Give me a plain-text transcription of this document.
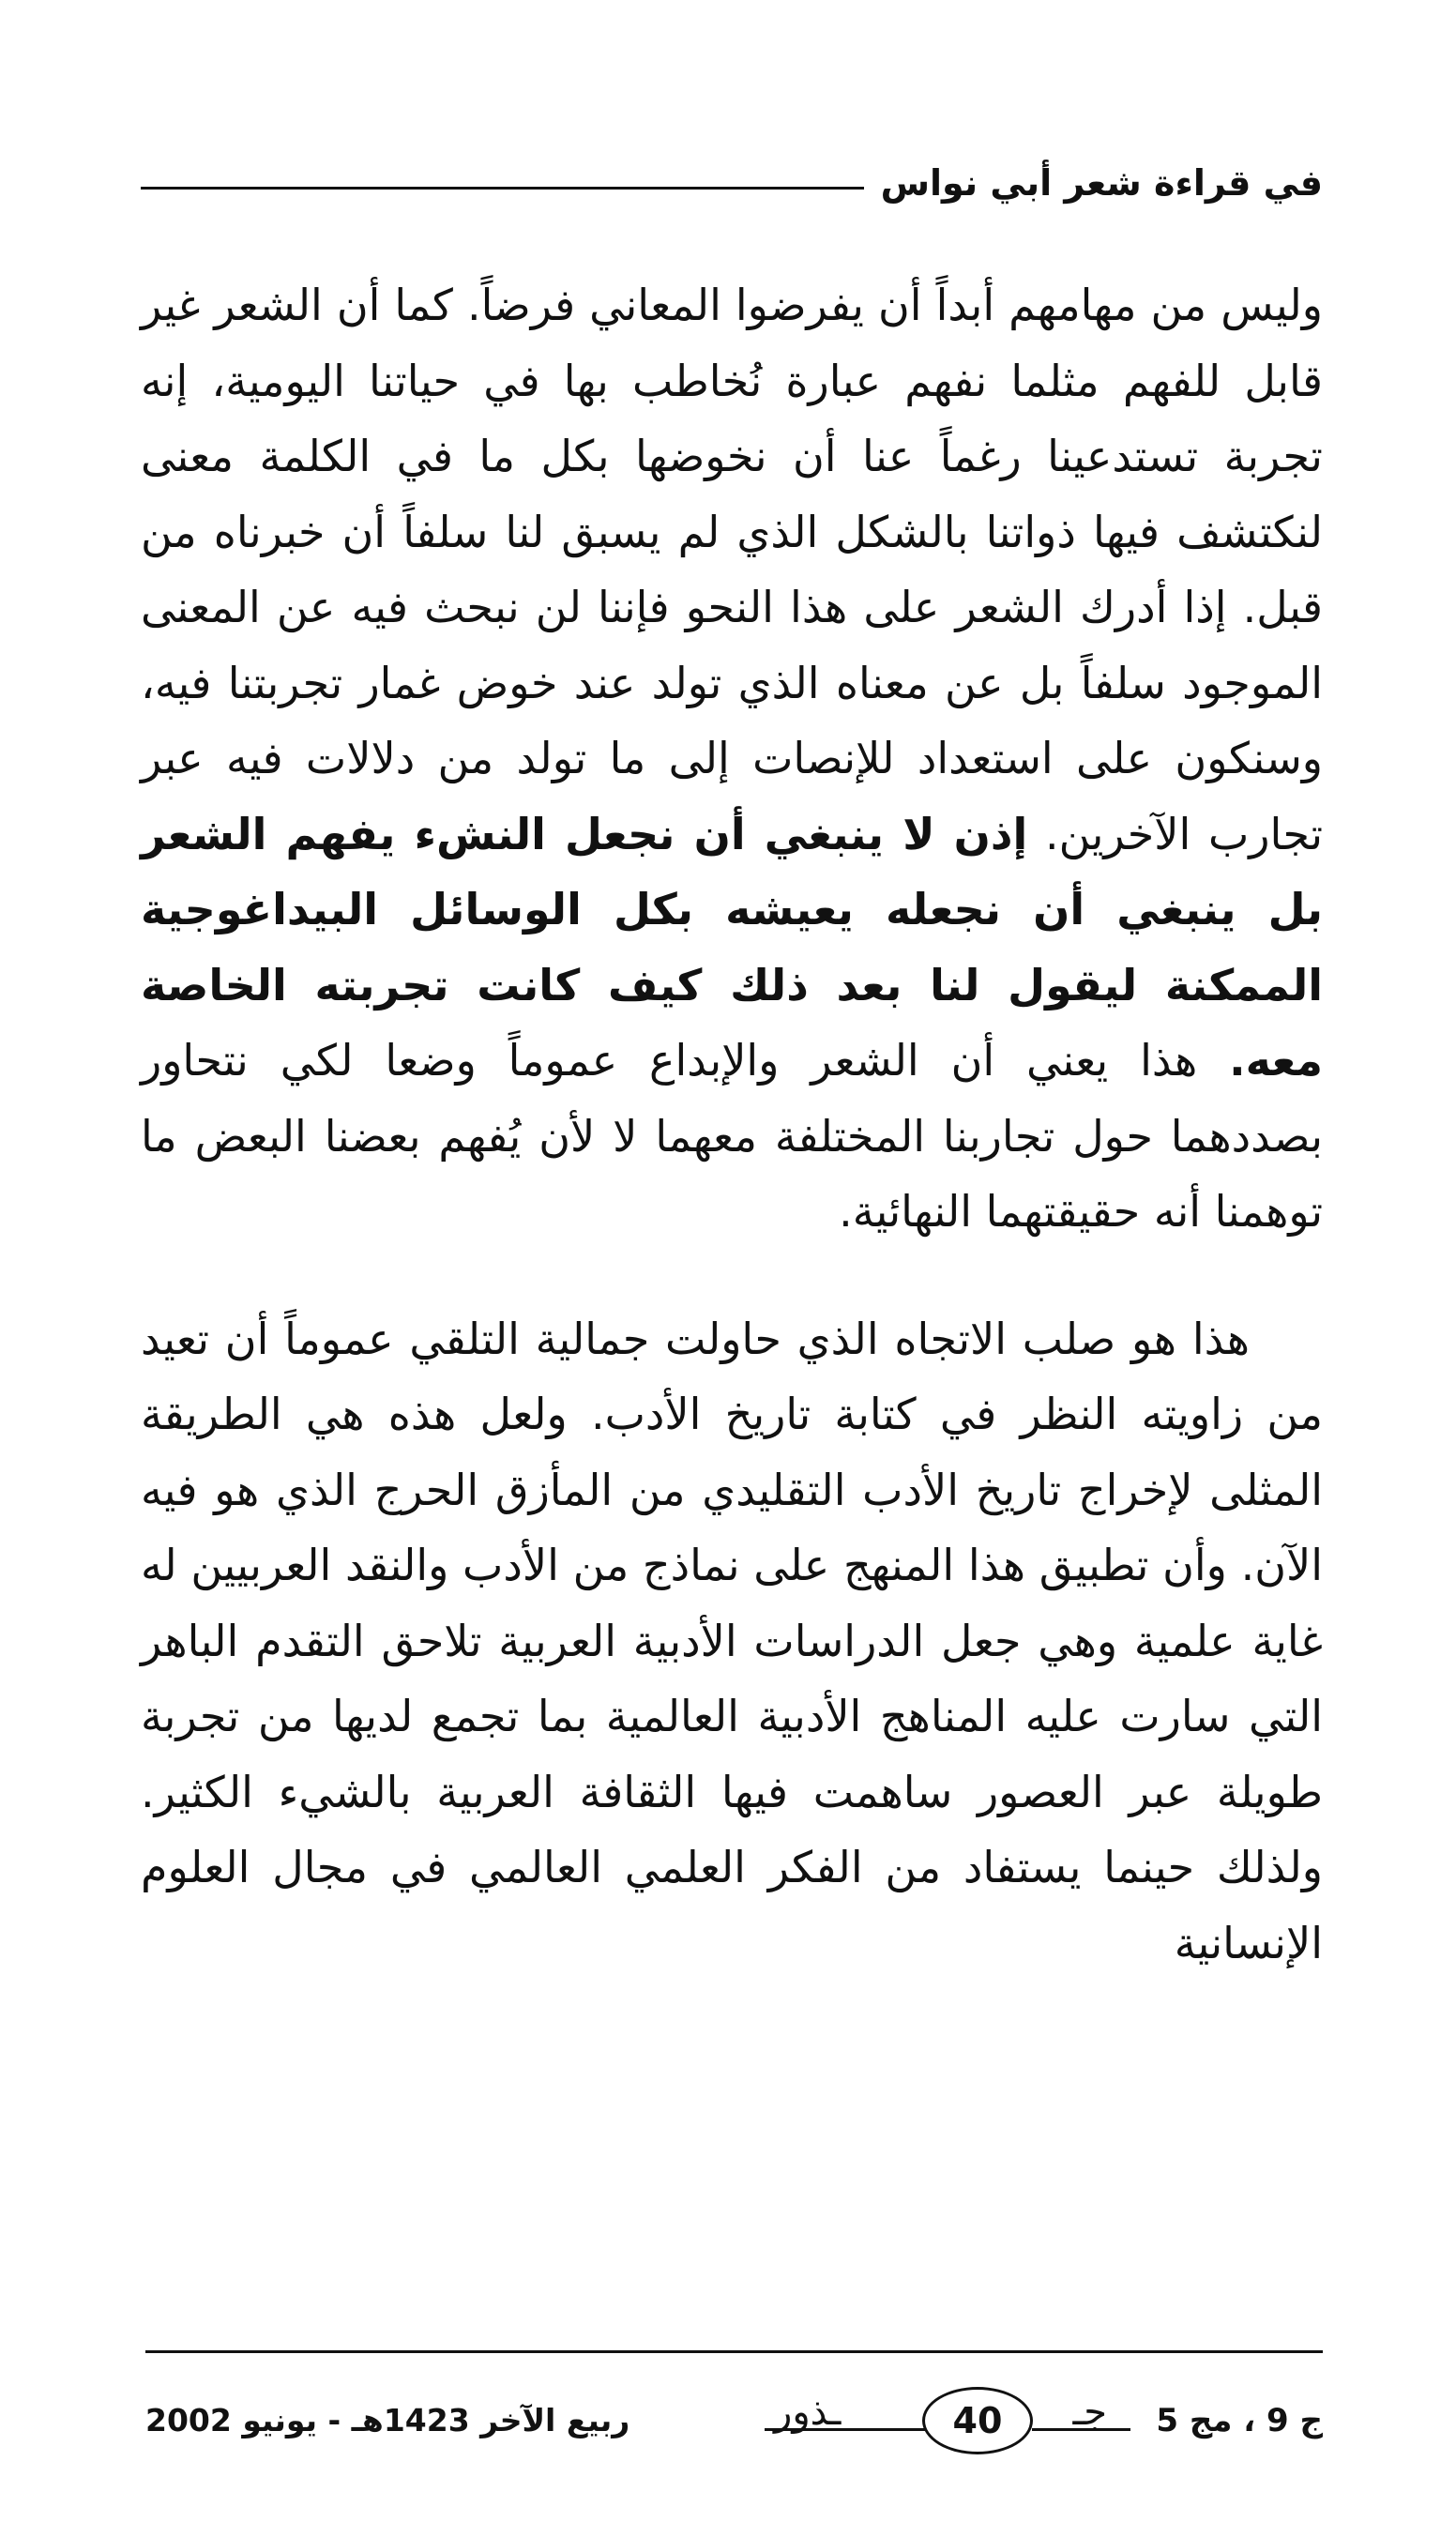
في قراءة شعر أبي نواس

وليس من مهامهم أبداً أن يفرضوا المعاني فرضاً. كما أن الشعر غير قابل للفهم مثلما نفهم عبارة نُخاطب بها في حياتنا اليومية، إنه تجربة تستدعينا رغماً عنا أن نخوضها بكل ما في الكلمة معنى لنكتشف فيها ذواتنا بالشكل الذي لم يسبق لنا سلفاً أن خبرناه من قبل. إذا أدرك الشعر على هذا النحو فإننا لن نبحث فيه عن المعنى الموجود سلفاً بل عن معناه الذي تولد عند خوض غمار تجربتنا فيه، وسنكون على استعداد للإنصات إلى ما تولد من دلالات فيه عبر تجارب الآخرين. إذن لا ينبغي أن نجعل النشء يفهم الشعر بل ينبغي أن نجعله يعيشه بكل الوسائل البيداغوجية الممكنة ليقول لنا بعد ذلك كيف كانت تجربته الخاصة معه. هذا يعني أن الشعر والإبداع عموماً وضعا لكي نتحاور بصددهما حول تجاربنا المختلفة معهما لا لأن يُفهم بعضنا البعض ما توهمنا أنه حقيقتهما النهائية.

هذا هو صلب الاتجاه الذي حاولت جمالية التلقي عموماً أن تعيد من زاويته النظر في كتابة تاريخ الأدب. ولعل هذه هي الطريقة المثلى لإخراج تاريخ الأدب التقليدي من المأزق الحرج الذي هو فيه الآن. وأن تطبيق هذا المنهج على نماذج من الأدب والنقد العربيين له غاية علمية وهي جعل الدراسات الأدبية العربية تلاحق التقدم الباهر التي سارت عليه المناهج الأدبية العالمية بما تجمع لديها من تجربة طويلة عبر العصور ساهمت فيها الثقافة العربية بالشيء الكثير. ولذلك حينما يستفاد من الفكر العلمي العالمي في مجال العلوم الإنسانية

ج 9 ، مج 5
جـ
ـذور	40
ربيع الآخر 1423هـ - يونيو 2002
